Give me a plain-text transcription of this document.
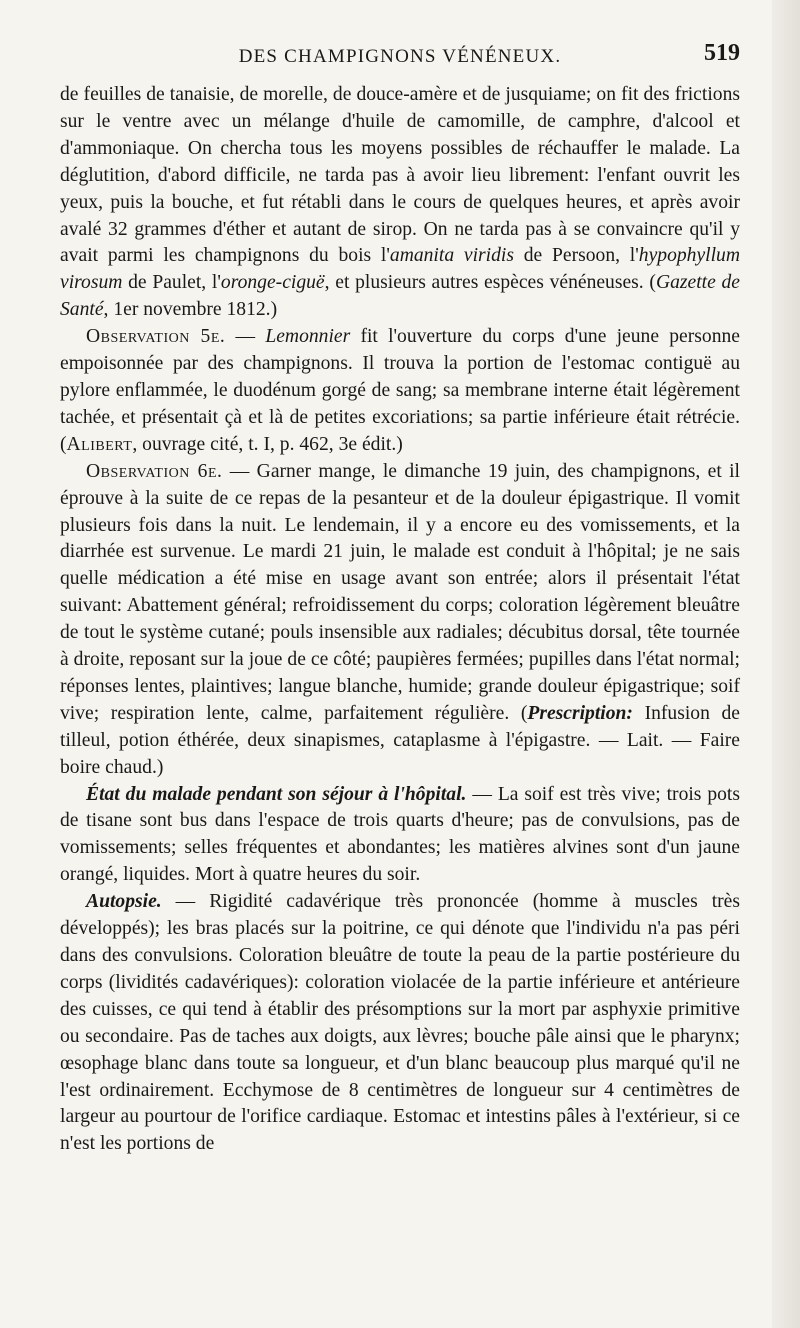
DES CHAMPIGNONS VÉNÉNEUX.	519

de feuilles de tanaisie, de morelle, de douce-amère et de jusquiame; on fit des frictions sur le ventre avec un mélange d'huile de camomille, de camphre, d'alcool et d'ammoniaque. On chercha tous les moyens possibles de réchauffer le malade. La déglutition, d'abord difficile, ne tarda pas à avoir lieu librement: l'enfant ouvrit les yeux, puis la bouche, et fut rétabli dans le cours de quelques heures, et après avoir avalé 32 grammes d'éther et autant de sirop. On ne tarda pas à se convaincre qu'il y avait parmi les champignons du bois l'amanita viridis de Persoon, l'hypophyllum virosum de Paulet, l'oronge-ciguë, et plusieurs autres espèces vénéneuses. (Gazette de Santé, 1er novembre 1812.)

Observation 5e. — Lemonnier fit l'ouverture du corps d'une jeune personne empoisonnée par des champignons. Il trouva la portion de l'estomac contiguë au pylore enflammée, le duodénum gorgé de sang; sa membrane interne était légèrement tachée, et présentait çà et là de petites excoriations; sa partie inférieure était rétrécie. (Alibert, ouvrage cité, t. I, p. 462, 3e édit.)

Observation 6e. — Garner mange, le dimanche 19 juin, des champignons, et il éprouve à la suite de ce repas de la pesanteur et de la douleur épigastrique. Il vomit plusieurs fois dans la nuit. Le lendemain, il y a encore eu des vomissements, et la diarrhée est survenue. Le mardi 21 juin, le malade est conduit à l'hôpital; je ne sais quelle médication a été mise en usage avant son entrée; alors il présentait l'état suivant: Abattement général; refroidissement du corps; coloration légèrement bleuâtre de tout le système cutané; pouls insensible aux radiales; décubitus dorsal, tête tournée à droite, reposant sur la joue de ce côté; paupières fermées; pupilles dans l'état normal; réponses lentes, plaintives; langue blanche, humide; grande douleur épigastrique; soif vive; respiration lente, calme, parfaitement régulière. (Prescription: Infusion de tilleul, potion éthérée, deux sinapismes, cataplasme à l'épigastre. — Lait. — Faire boire chaud.)

État du malade pendant son séjour à l'hôpital. — La soif est très vive; trois pots de tisane sont bus dans l'espace de trois quarts d'heure; pas de convulsions, pas de vomissements; selles fréquentes et abondantes; les matières alvines sont d'un jaune orangé, liquides. Mort à quatre heures du soir.

Autopsie. — Rigidité cadavérique très prononcée (homme à muscles très développés); les bras placés sur la poitrine, ce qui dénote que l'individu n'a pas péri dans des convulsions. Coloration bleuâtre de toute la peau de la partie postérieure du corps (lividités cadavériques): coloration violacée de la partie inférieure et antérieure des cuisses, ce qui tend à établir des présomptions sur la mort par asphyxie primitive ou secondaire. Pas de taches aux doigts, aux lèvres; bouche pâle ainsi que le pharynx; œsophage blanc dans toute sa longueur, et d'un blanc beaucoup plus marqué qu'il ne l'est ordinairement. Ecchymose de 8 centimètres de longueur sur 4 centimètres de largeur au pourtour de l'orifice cardiaque. Estomac et intestins pâles à l'extérieur, si ce n'est les portions de
